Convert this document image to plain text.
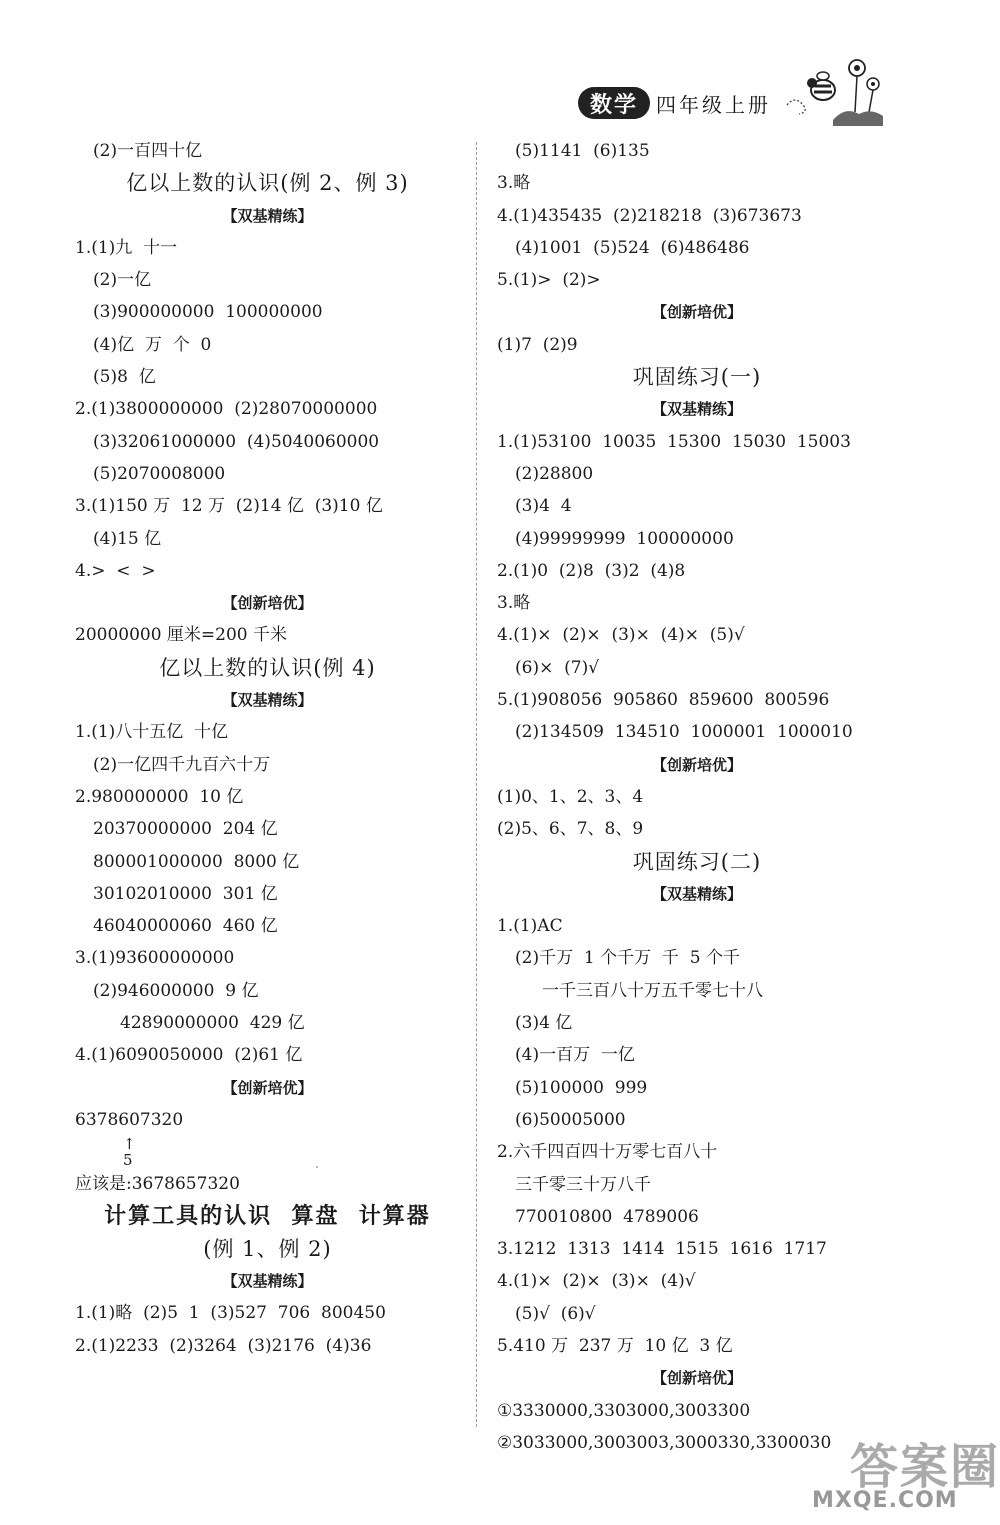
数学 四年级上册
(2)一百四十亿
亿以上数的认识(例 2、例 3)
【双基精练】
1.(1)九  十一
(2)一亿
(3)900000000  100000000
(4)亿  万  个  0
(5)8  亿
2.(1)3800000000  (2)28070000000
(3)32061000000  (4)5040060000
(5)2070008000
3.(1)150 万  12 万  (2)14 亿  (3)10 亿
(4)15 亿
4.>  <  >
【创新培优】
20000000 厘米=200 千米
亿以上数的认识(例 4)
【双基精练】
1.(1)八十五亿  十亿
(2)一亿四千九百六十万
2.980000000  10 亿
20370000000  204 亿
800001000000  8000 亿
30102010000  301 亿
46040000060  460 亿
3.(1)93600000000
(2)946000000  9 亿
42890000000  429 亿
4.(1)6090050000  (2)61 亿
【创新培优】
6378607320
↑
5
应该是:3678657320
计算工具的认识  算盘  计算器
(例 1、例 2)
【双基精练】
1.(1)略  (2)5  1  (3)527  706  800450
2.(1)2233  (2)3264  (3)2176  (4)36
(5)1141  (6)135
3.略
4.(1)435435  (2)218218  (3)673673
(4)1001  (5)524  (6)486486
5.(1)>  (2)>
【创新培优】
(1)7  (2)9
巩固练习(一)
【双基精练】
1.(1)53100  10035  15300  15030  15003
(2)28800
(3)4  4
(4)99999999  100000000
2.(1)0  (2)8  (3)2  (4)8
3.略
4.(1)×  (2)×  (3)×  (4)×  (5)√
(6)×  (7)√
5.(1)908056  905860  859600  800596
(2)134509  134510  1000001  1000010
【创新培优】
(1)0、1、2、3、4
(2)5、6、7、8、9
巩固练习(二)
【双基精练】
1.(1)AC
(2)千万  1 个千万  千  5 个千
一千三百八十万五千零七十八
(3)4 亿
(4)一百万  一亿
(5)100000  999
(6)50005000
2.六千四百四十万零七百八十
三千零三十万八千
770010800  4789006
3.1212  1313  1414  1515  1616  1717
4.(1)×  (2)×  (3)×  (4)√
(5)√  (6)√
5.410 万  237 万  10 亿  3 亿
【创新培优】
①3330000,3303000,3003300
②3033000,3003003,3000330,3300030 答案圈
MXQE.COM
